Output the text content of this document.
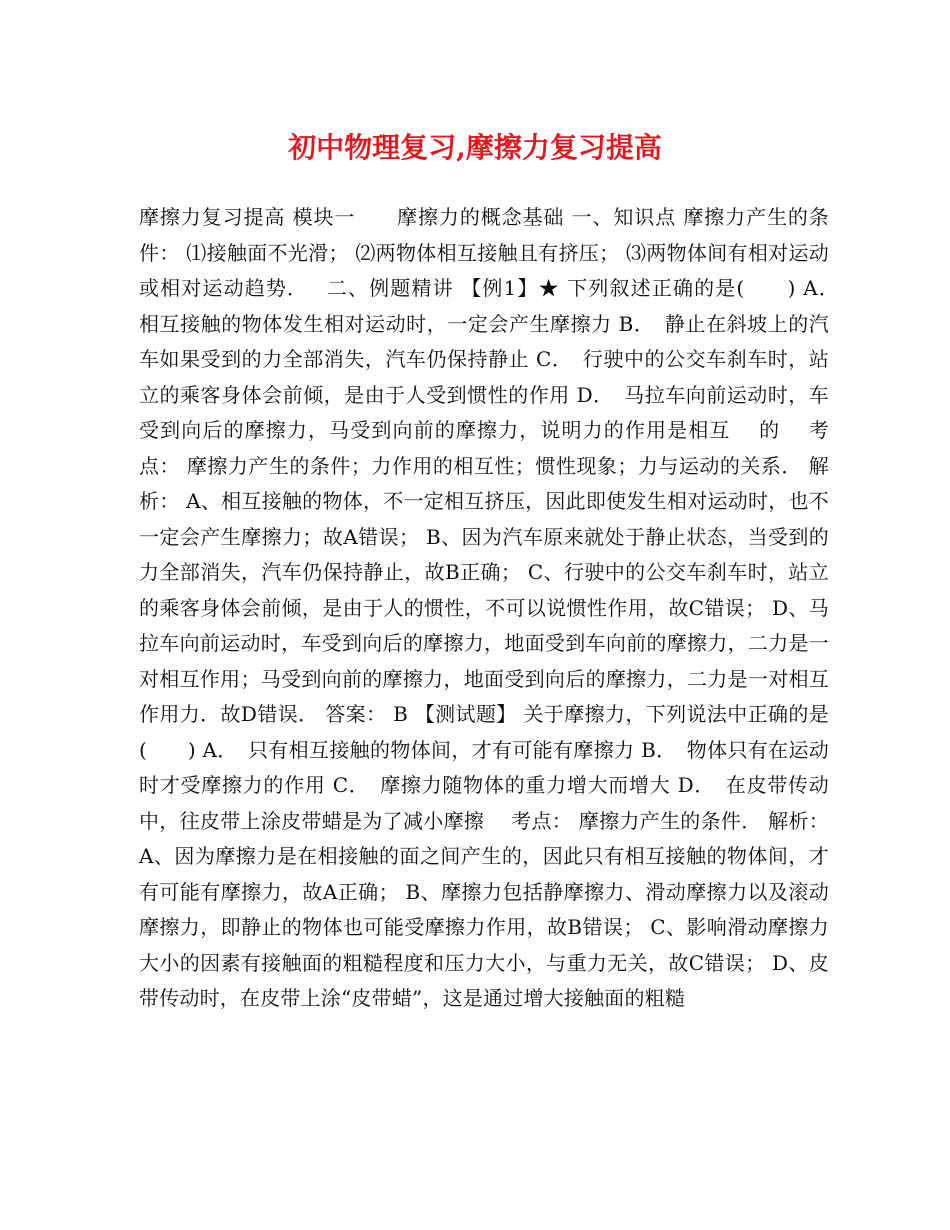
初中物理复习,摩擦力复习提高

摩擦力复习提高 模块一　　摩擦力的概念基础 一、知识点 摩擦力产生的条件： ⑴接触面不光滑； ⑵两物体相互接触且有挤压； ⑶两物体间有相对运动或相对运动趋势．　 二、例题精讲 【例1】★ 下列叙述正确的是(　　) A．　相互接触的物体发生相对运动时，一定会产生摩擦力 B．　静止在斜坡上的汽车如果受到的力全部消失，汽车仍保持静止 C．　行驶中的公交车刹车时，站立的乘客身体会前倾，是由于人受到惯性的作用 D．　马拉车向前运动时，车受到向后的摩擦力，马受到向前的摩擦力，说明力的作用是相互　 的　 考点： 摩擦力产生的条件；力作用的相互性；惯性现象；力与运动的关系． 解析： A、相互接触的物体，不一定相互挤压，因此即使发生相对运动时，也不一定会产生摩擦力；故A错误； B、因为汽车原来就处于静止状态，当受到的力全部消失，汽车仍保持静止，故B正确； C、行驶中的公交车刹车时，站立的乘客身体会前倾，是由于人的惯性，不可以说惯性作用，故C错误； D、马拉车向前运动时，车受到向后的摩擦力，地面受到车向前的摩擦力，二力是一对相互作用；马受到向前的摩擦力，地面受到向后的摩擦力，二力是一对相互作用力．故D错误． 答案： B 【测试题】 关于摩擦力，下列说法中正确的是(　　) A．　只有相互接触的物体间，才有可能有摩擦力 B．　物体只有在运动时才受摩擦力的作用 C．　摩擦力随物体的重力增大而增大 D．　在皮带传动中，往皮带上涂皮带蜡是为了减小摩擦　 考点： 摩擦力产生的条件． 解析： A、因为摩擦力是在相接触的面之间产生的，因此只有相互接触的物体间，才有可能有摩擦力，故A正确； B、摩擦力包括静摩擦力、滑动摩擦力以及滚动摩擦力，即静止的物体也可能受摩擦力作用，故B错误； C、影响滑动摩擦力大小的因素有接触面的粗糙程度和压力大小，与重力无关，故C错误； D、皮带传动时，在皮带上涂“皮带蜡”，这是通过增大接触面的粗糙
